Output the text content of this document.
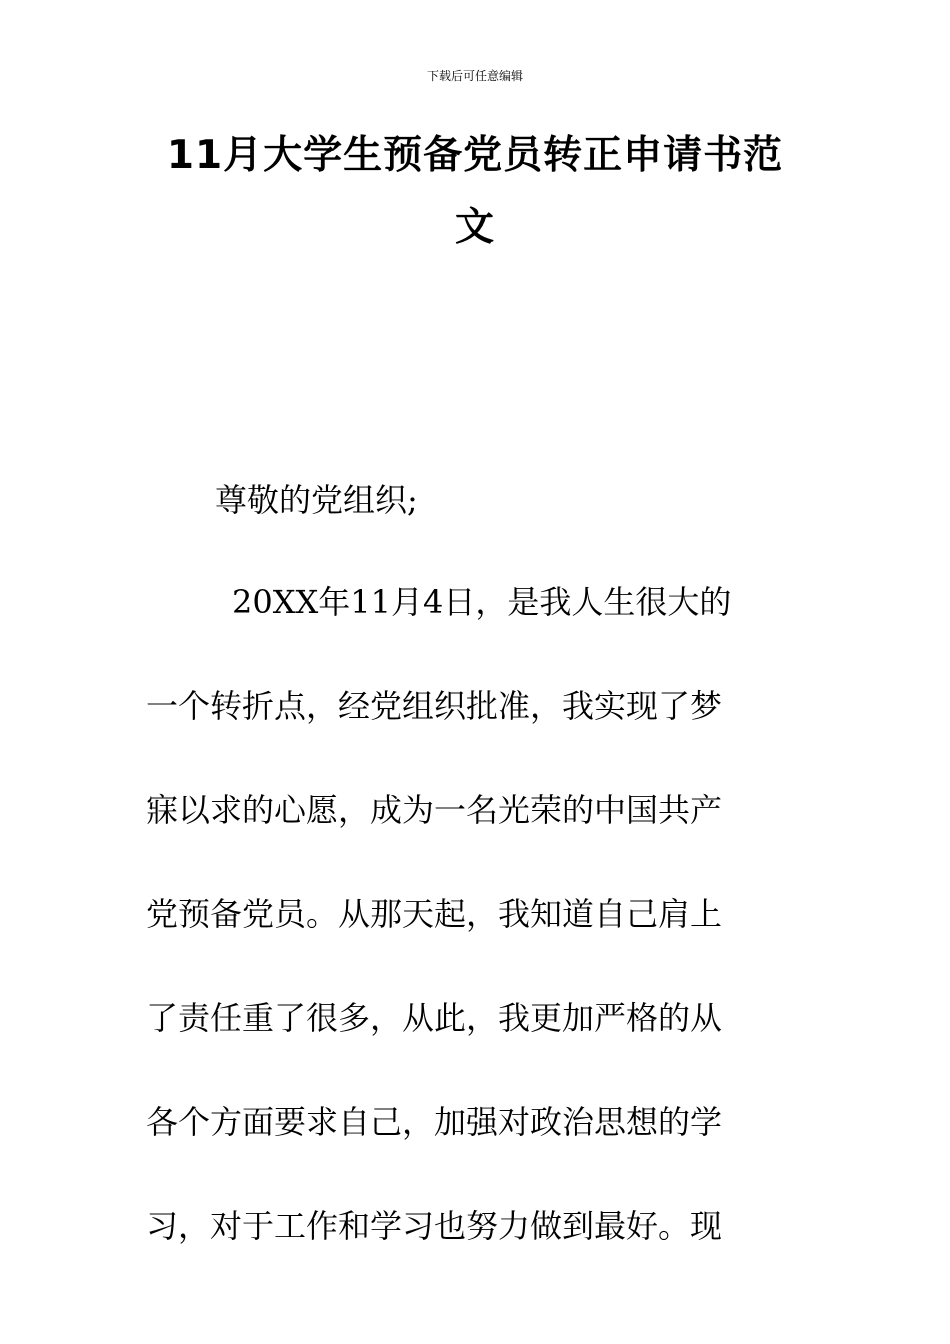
下载后可任意编辑
11月大学生预备党员转正申请书范文
尊敬的党组织;
20XX年11月4日，是我人生很大的
一个转折点，经党组织批准，我实现了梦
寐以求的心愿，成为一名光荣的中国共产
党预备党员。从那天起，我知道自己肩上
了责任重了很多，从此，我更加严格的从
各个方面要求自己，加强对政治思想的学
习，对于工作和学习也努力做到最好。现
